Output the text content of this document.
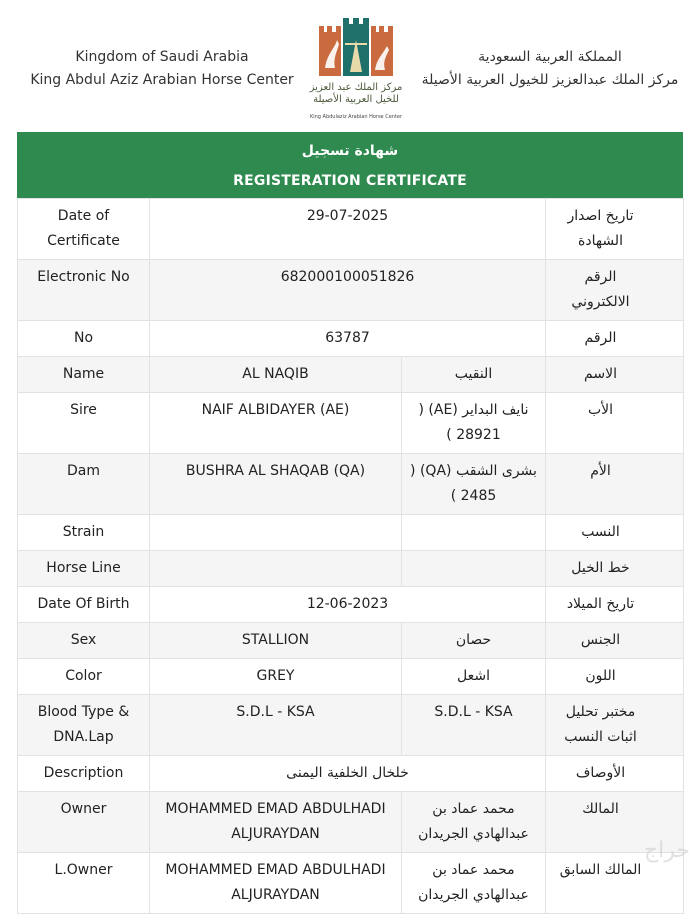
Kingdom of Saudi Arabia
King Abdul Aziz Arabian Horse Center	مركز الملك عبد العزيز
للخيل العربية الأصيلة
King Abdulaziz Arabian Horse Center
المملكة العربية السعودية
مركز الملك عبدالعزيز للخيول العربية الأصيلة
شهادة تسجيل
REGISTERATION CERTIFICATE
Date of Certificate	29-07-2025		تاريخ اصدار الشهادة
Electronic No	682000100051826		الرقم الالكتروني
No	63787		الرقم
Name	AL NAQIB	النقيب	الاسم
Sire	NAIF ALBIDAYER (AE)	نايف البداير (AE) ( 28921 )	الأب
Dam	BUSHRA AL SHAQAB (QA)	بشرى الشقب (QA) ( 2485 )	الأم
Strain			النسب
Horse Line			خط الخيل
Date Of Birth	12-06-2023		تاريخ الميلاد
Sex	STALLION	حصان	الجنس
Color	GREY	اشعل	اللون
Blood Type & DNA.Lap	S.D.L - KSA	S.D.L - KSA	مختبر تحليل اثبات النسب
Description	خلخال الخلفية اليمنى		الأوصاف
Owner	MOHAMMED EMAD ABDULHADI ALJURAYDAN	محمد عماد بن عبدالهادي الجريدان	المالك
L.Owner	MOHAMMED EMAD ABDULHADI ALJURAYDAN	محمد عماد بن عبدالهادي الجريدان	المالك السابق
حراج
